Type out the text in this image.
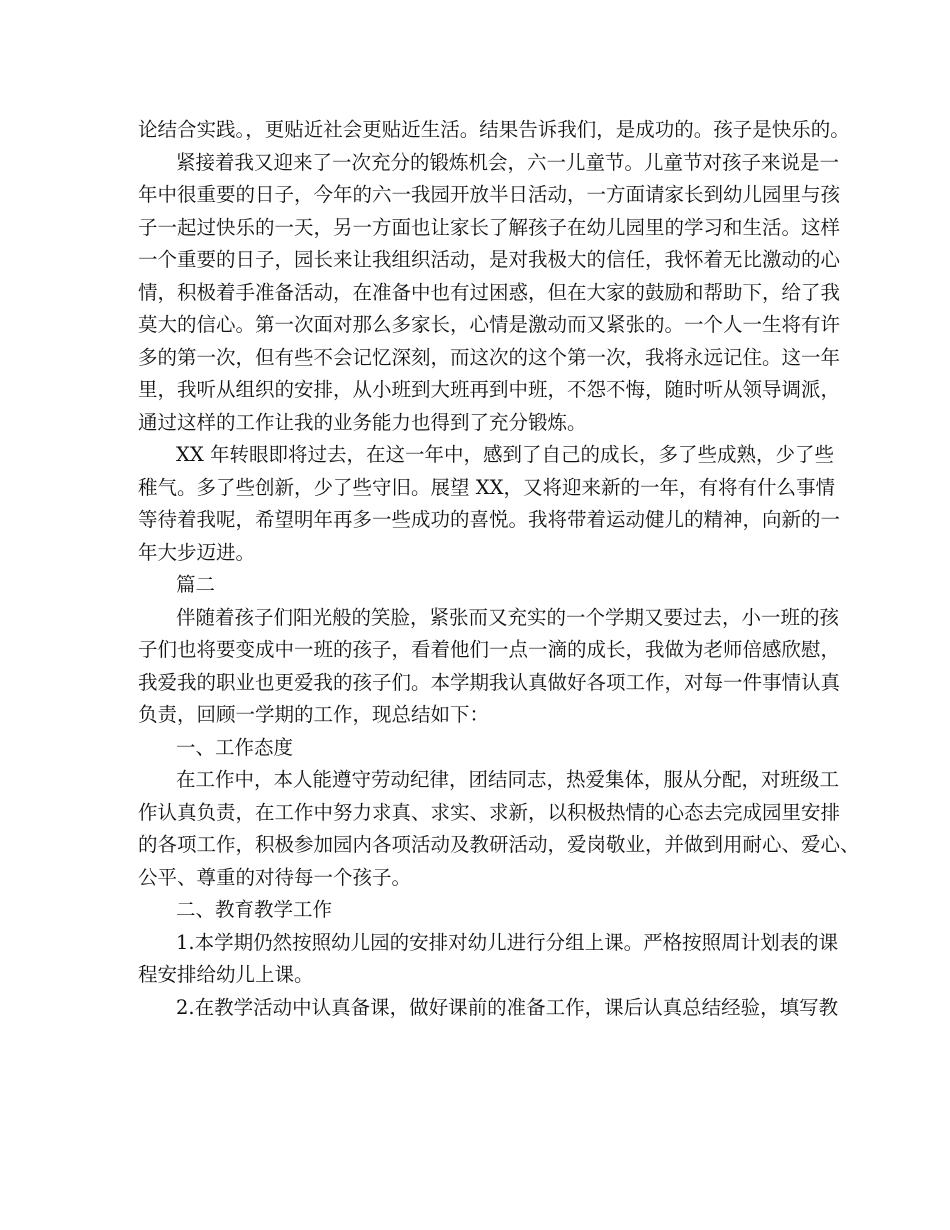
论结合实践。，更贴近社会更贴近生活。结果告诉我们，是成功的。孩子是快乐的。
紧接着我又迎来了一次充分的锻炼机会，六一儿童节。儿童节对孩子来说是一
年中很重要的日子，今年的六一我园开放半日活动，一方面请家长到幼儿园里与孩
子一起过快乐的一天，另一方面也让家长了解孩子在幼儿园里的学习和生活。这样
一个重要的日子，园长来让我组织活动，是对我极大的信任，我怀着无比激动的心
情，积极着手准备活动，在准备中也有过困惑，但在大家的鼓励和帮助下，给了我
莫大的信心。第一次面对那么多家长，心情是激动而又紧张的。一个人一生将有许
多的第一次，但有些不会记忆深刻，而这次的这个第一次，我将永远记住。这一年
里，我听从组织的安排，从小班到大班再到中班，不怨不悔，随时听从领导调派，
通过这样的工作让我的业务能力也得到了充分锻炼。
XX 年转眼即将过去，在这一年中，感到了自己的成长，多了些成熟，少了些
稚气。多了些创新，少了些守旧。展望 XX，又将迎来新的一年，有将有什么事情
等待着我呢，希望明年再多一些成功的喜悦。我将带着运动健儿的精神，向新的一
年大步迈进。
篇二
伴随着孩子们阳光般的笑脸，紧张而又充实的一个学期又要过去，小一班的孩
子们也将要变成中一班的孩子，看着他们一点一滴的成长，我做为老师倍感欣慰，
我爱我的职业也更爱我的孩子们。本学期我认真做好各项工作，对每一件事情认真
负责，回顾一学期的工作，现总结如下：
一、工作态度
在工作中，本人能遵守劳动纪律，团结同志，热爱集体，服从分配，对班级工
作认真负责，在工作中努力求真、求实、求新，以积极热情的心态去完成园里安排
的各项工作，积极参加园内各项活动及教研活动，爱岗敬业，并做到用耐心、爱心、
公平、尊重的对待每一个孩子。
二、教育教学工作
1.本学期仍然按照幼儿园的安排对幼儿进行分组上课。严格按照周计划表的课
程安排给幼儿上课。
2.在教学活动中认真备课，做好课前的准备工作，课后认真总结经验，填写教
